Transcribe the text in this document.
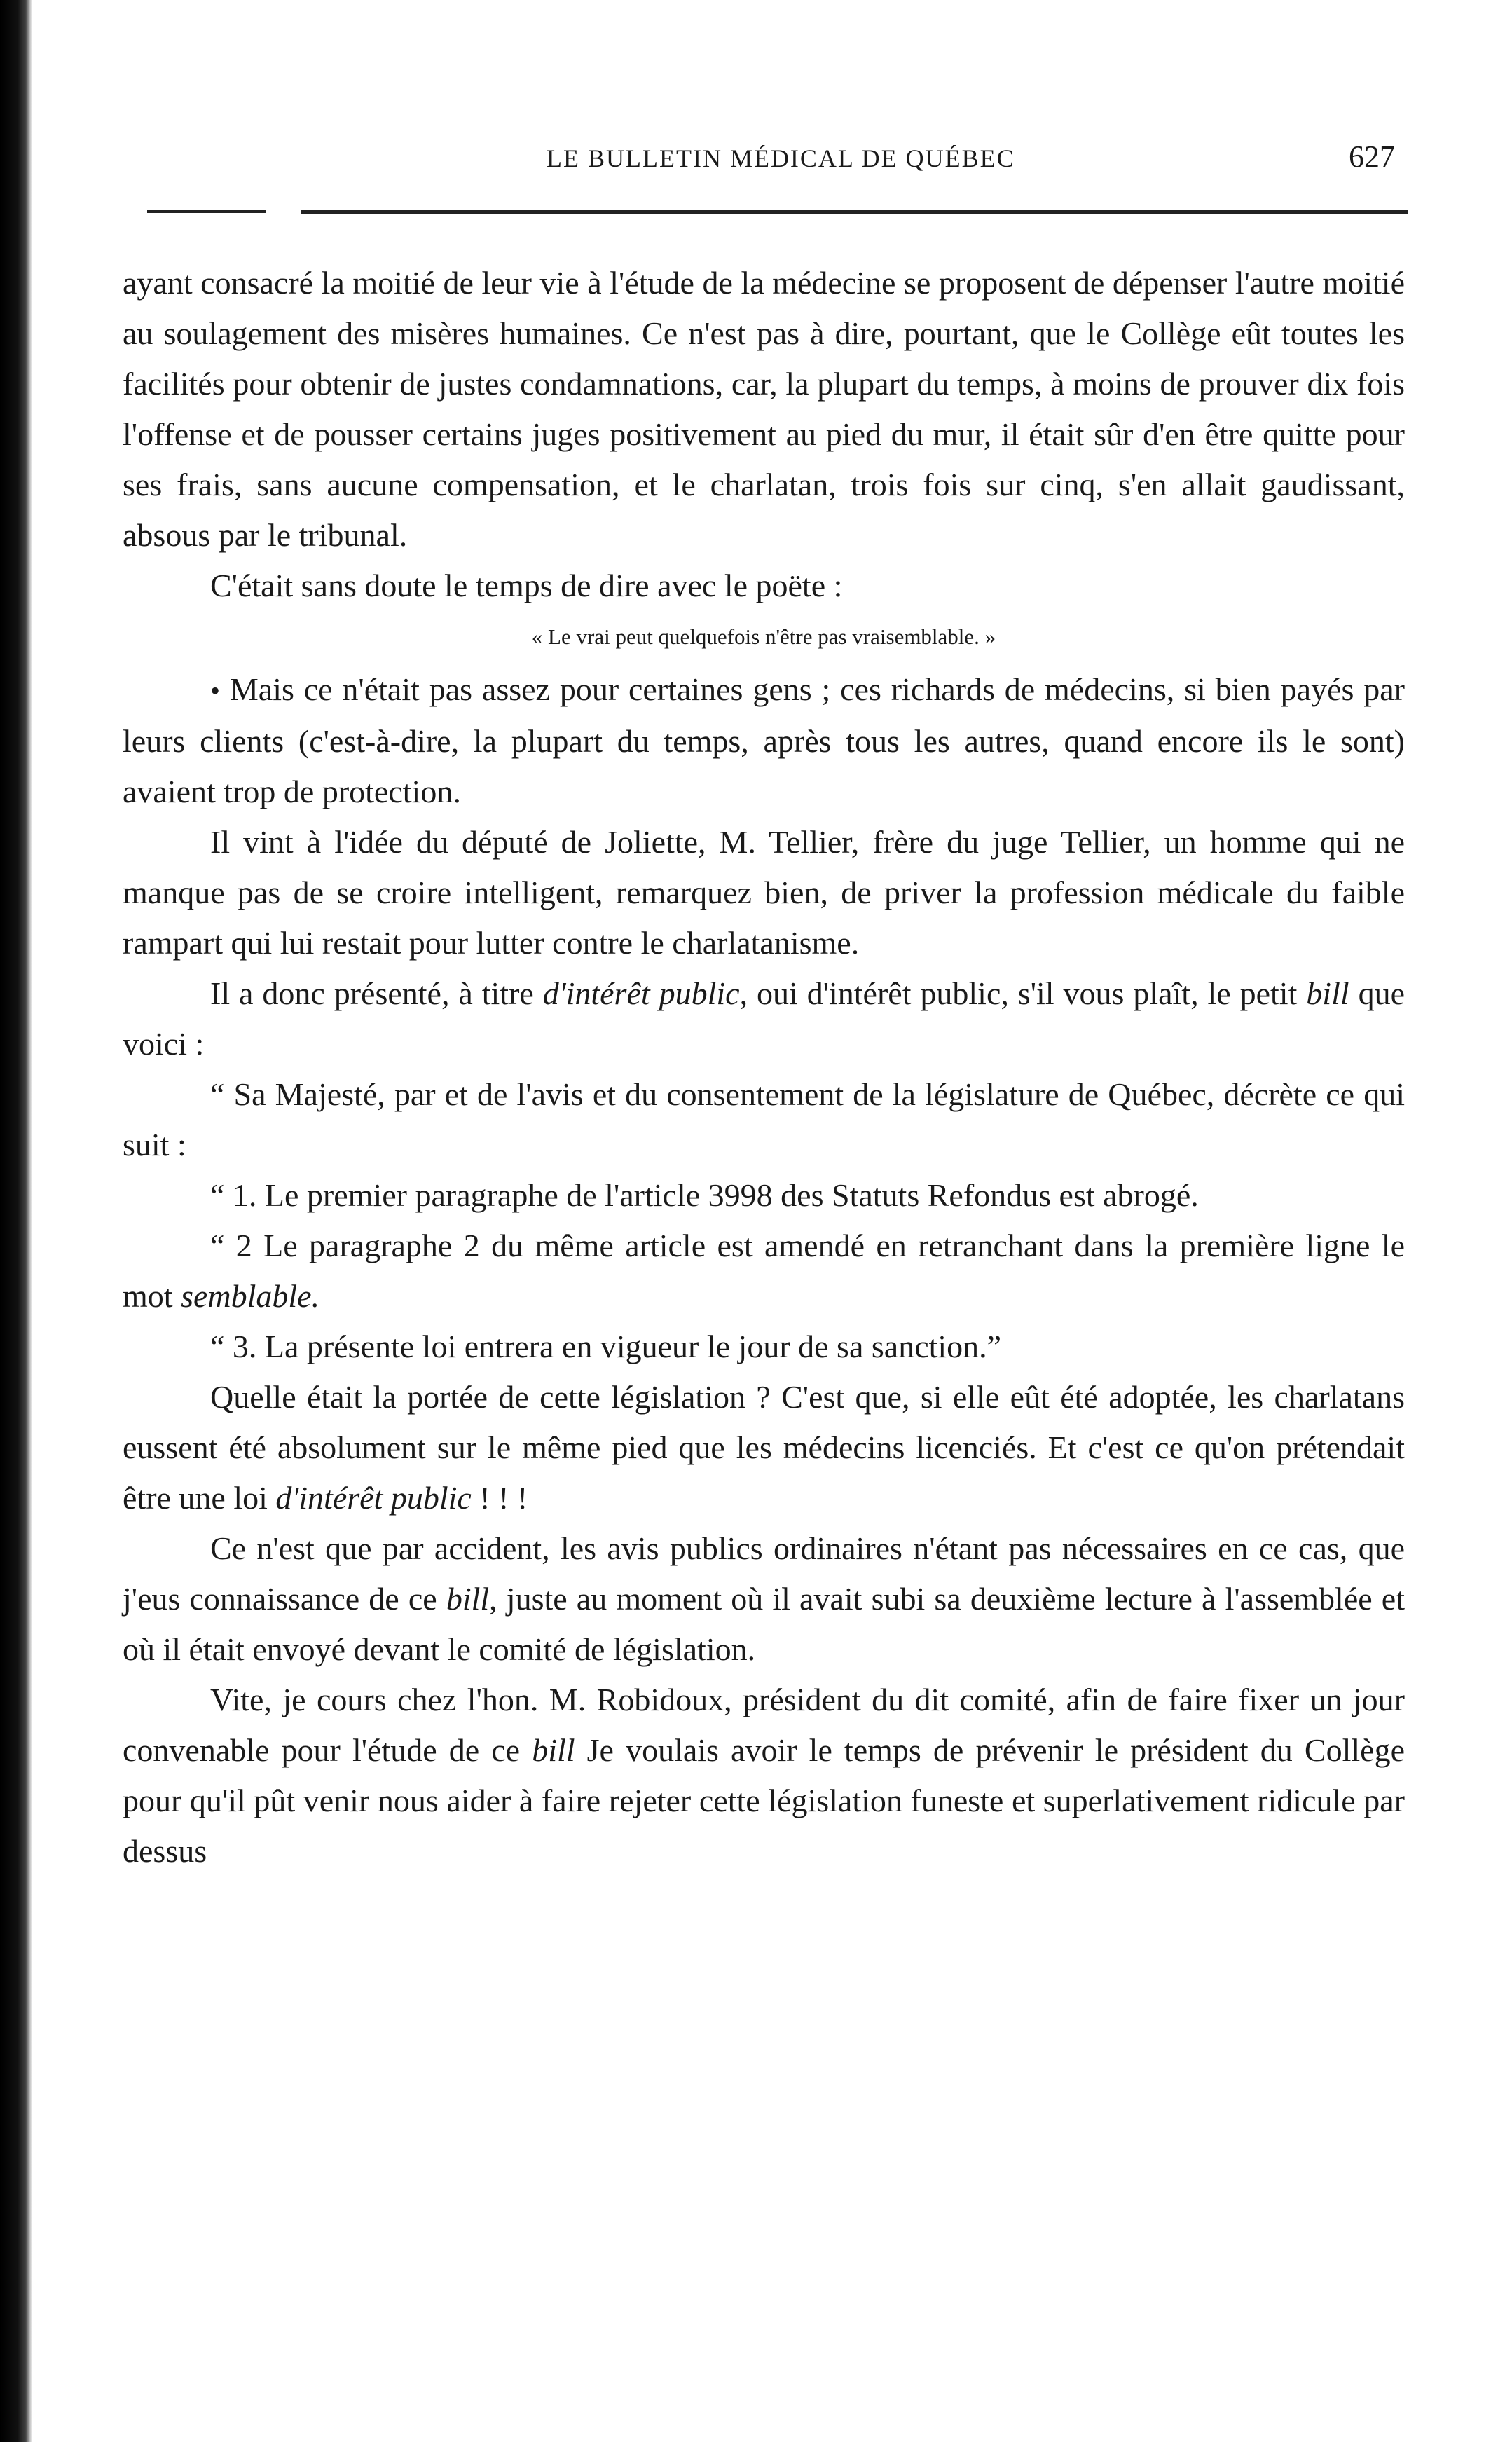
LE BULLETIN MÉDICAL DE QUÉBEC	627

ayant consacré la moitié de leur vie à l'étude de la médecine se proposent de dépenser l'autre moitié au soulagement des misères humaines. Ce n'est pas à dire, pourtant, que le Collège eût toutes les facilités pour obtenir de justes condamnations, car, la plupart du temps, à moins de prouver dix fois l'offense et de pousser certains juges positivement au pied du mur, il était sûr d'en être quitte pour ses frais, sans aucune compensation, et le charlatan, trois fois sur cinq, s'en allait gaudissant, absous par le tribunal.

C'était sans doute le temps de dire avec le poëte :

« Le vrai peut quelquefois n'être pas vraisemblable. »

• Mais ce n'était pas assez pour certaines gens ; ces richards de médecins, si bien payés par leurs clients (c'est-à-dire, la plupart du temps, après tous les autres, quand encore ils le sont) avaient trop de protection.

Il vint à l'idée du député de Joliette, M. Tellier, frère du juge Tellier, un homme qui ne manque pas de se croire intelligent, remarquez bien, de priver la profession médicale du faible rampart qui lui restait pour lutter contre le charlatanisme.

Il a donc présenté, à titre d'intérêt public, oui d'intérêt public, s'il vous plaît, le petit bill que voici :

“ Sa Majesté, par et de l'avis et du consentement de la législature de Québec, décrète ce qui suit :

“ 1. Le premier paragraphe de l'article 3998 des Statuts Refondus est abrogé.

“ 2 Le paragraphe 2 du même article est amendé en retranchant dans la première ligne le mot semblable.

“ 3. La présente loi entrera en vigueur le jour de sa sanction.”

Quelle était la portée de cette législation ? C'est que, si elle eût été adoptée, les charlatans eussent été absolument sur le même pied que les médecins licenciés. Et c'est ce qu'on prétendait être une loi d'intérêt public ! ! !

Ce n'est que par accident, les avis publics ordinaires n'étant pas nécessaires en ce cas, que j'eus connaissance de ce bill, juste au moment où il avait subi sa deuxième lecture à l'assemblée et où il était envoyé devant le comité de législation.

Vite, je cours chez l'hon. M. Robidoux, président du dit comité, afin de faire fixer un jour convenable pour l'étude de ce bill Je voulais avoir le temps de prévenir le président du Collège pour qu'il pût venir nous aider à faire rejeter cette législation funeste et superlativement ridicule par dessus
